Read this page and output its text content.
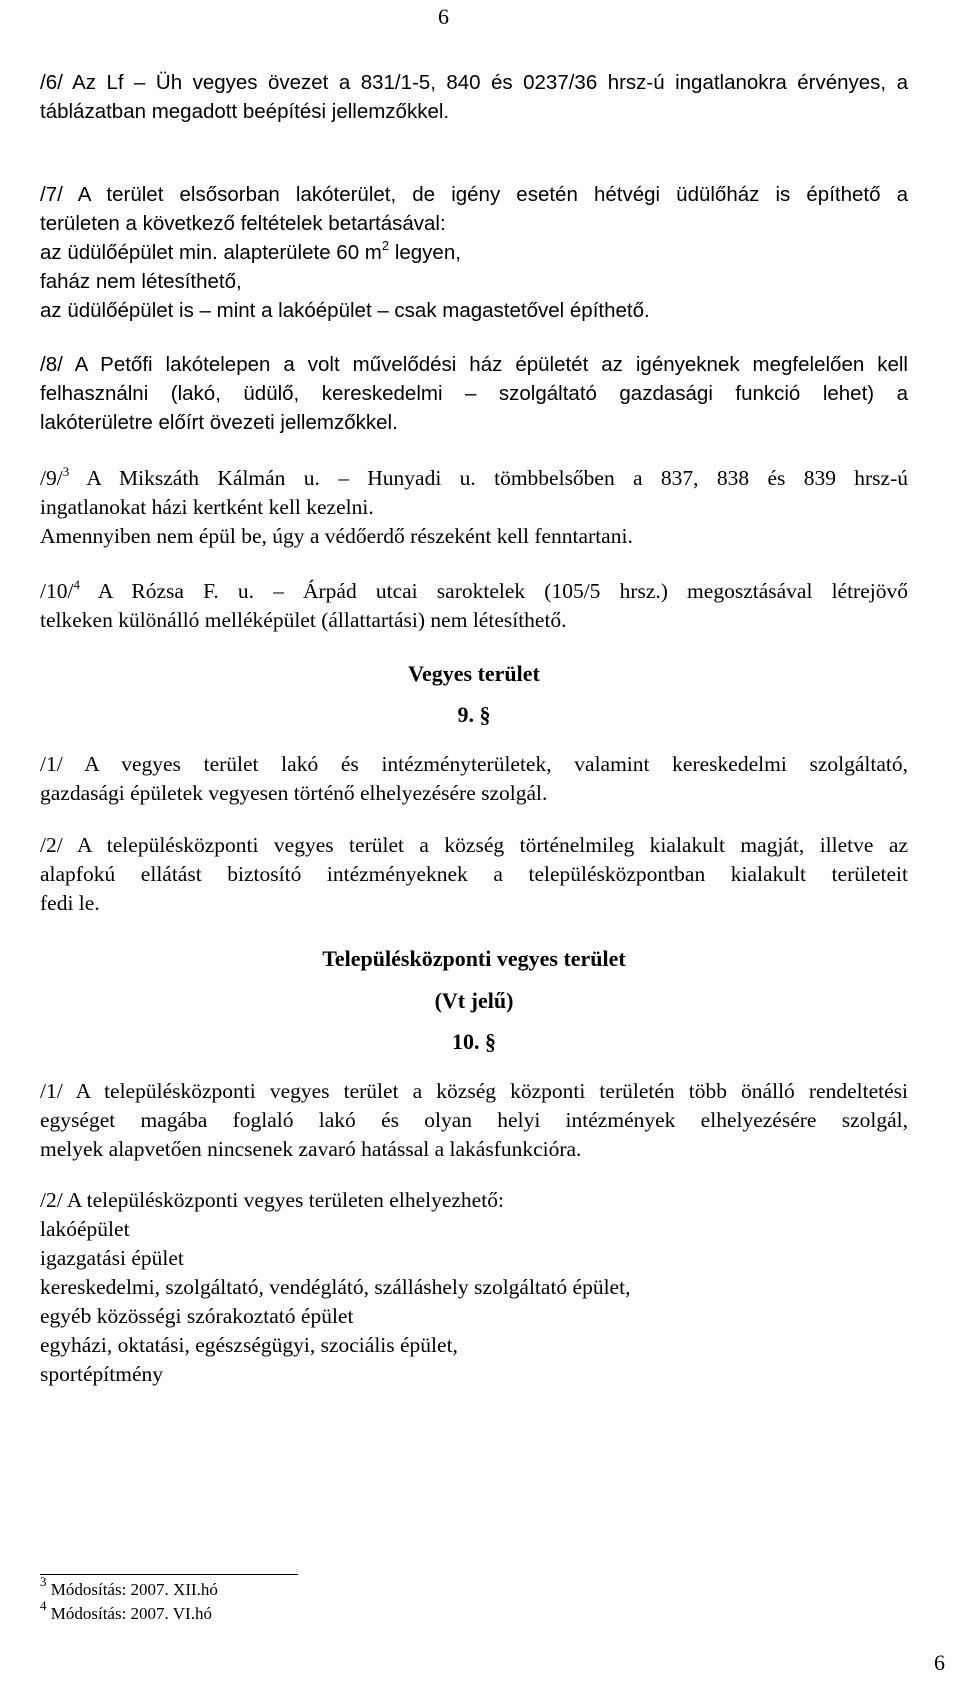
6
/6/ Az Lf – Üh vegyes övezet a 831/1-5, 840 és 0237/36 hrsz-ú ingatlanokra érvényes, a
táblázatban megadott beépítési jellemzőkkel.
/7/ A terület elsősorban lakóterület, de igény esetén hétvégi üdülőház is építhető a
területen a következő feltételek betartásával:
az üdülőépület min. alapterülete 60 $m^2$ legyen,
faház nem létesíthető,
az üdülőépület is – mint a lakóépület – csak magastetővel építhető.
/8/ A Petőfi lakótelepen a volt művelődési ház épületét az igényeknek megfelelően kell
felhasználni (lakó, üdülő, kereskedelmi – szolgáltató gazdasági funkció lehet) a
lakóterületre előírt övezeti jellemzőkkel.
/9/$^3$ A Mikszáth Kálmán u. – Hunyadi u. tömbbelsőben a 837, 838 és 839 hrsz-ú
ingatlanokat házi kertként kell kezelni.
Amennyiben nem épül be, úgy a védőerdő részeként kell fenntartani.
/10/$^4$ A Rózsa F. u. – Árpád utcai saroktelek (105/5 hrsz.) megosztásával létrejövő
telkeken különálló melléképület (állattartási) nem létesíthető.
Vegyes terület
9. §
/1/ A vegyes terület lakó és intézményterületek, valamint kereskedelmi szolgáltató,
gazdasági épületek vegyesen történő elhelyezésére szolgál.
/2/ A településközponti vegyes terület a község történelmileg kialakult magját, illetve az
alapfokú ellátást biztosító intézményeknek a településközpontban kialakult területeit
fedi le.
Településközponti vegyes terület
(Vt jelű)
10. §
/1/ A településközponti vegyes terület a község központi területén több önálló rendeltetési
egységet magába foglaló lakó és olyan helyi intézmények elhelyezésére szolgál,
melyek alapvetően nincsenek zavaró hatással a lakásfunkcióra.
/2/ A településközponti vegyes területen elhelyezhető:
lakóépület
igazgatási épület
kereskedelmi, szolgáltató, vendéglátó, szálláshely szolgáltató épület,
egyéb közösségi szórakoztató épület
egyházi, oktatási, egészségügyi, szociális épület,
sportépítmény
$^3$ Módosítás: 2007. XII.hó
$^4$ Módosítás: 2007. VI.hó
6
